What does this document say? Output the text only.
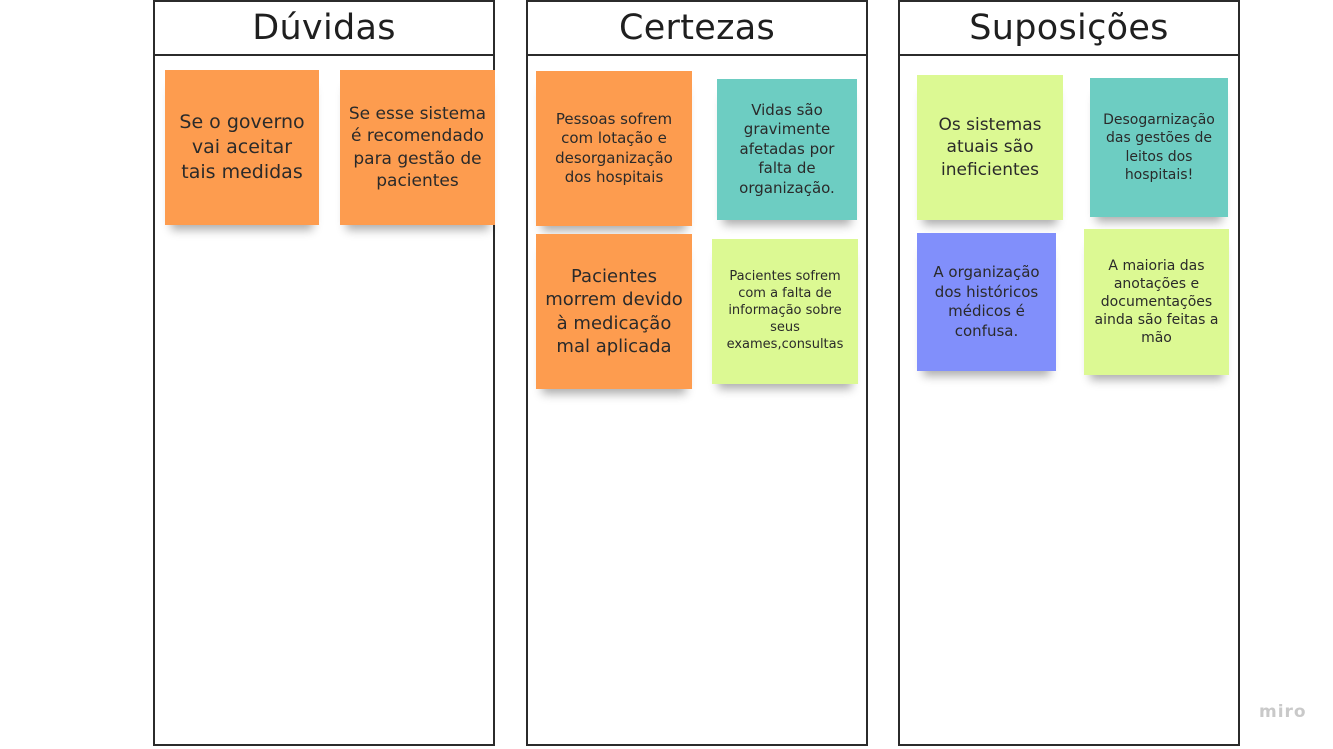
Dúvidas
Se o governo vai aceitar tais medidas
Se esse sistema é recomendado para gestão de pacientes
Certezas
Pessoas sofrem com lotação e desorganização dos hospitais
Vidas são gravimente afetadas por falta de organização.
Pacientes morrem devido à medicação mal aplicada
Pacientes sofrem com a falta de informação sobre seus exames,consultas
Suposições
Os sistemas atuais são ineficientes
Desogarnização das gestões de leitos dos hospitais!
A organização dos históricos médicos é confusa.
A maioria das anotações e documentações ainda são feitas a mão
miro
